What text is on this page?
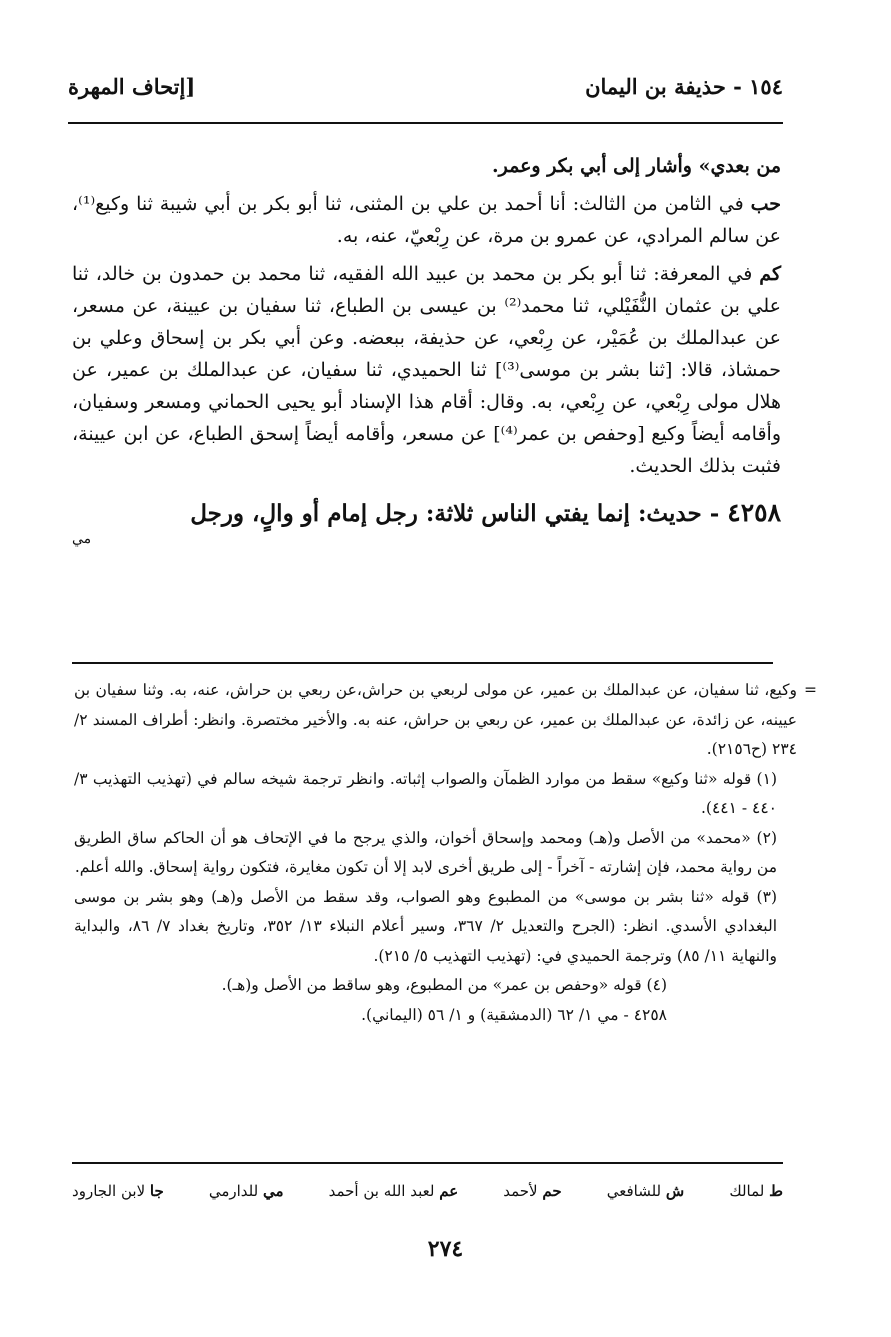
١٥٤ - حذيفة بن اليمان
[إتحاف المهرة

من بعدي» وأشار إلى أبي بكر وعمر.

حب في الثامن من الثالث: أنا أحمد بن علي بن المثنى، ثنا أبو بكر بن أبي شيبة ثنا وكيع⁽¹⁾، عن سالم المرادي، عن عمرو بن مرة، عن رِبْعيّ، عنه، به.

كم في المعرفة: ثنا أبو بكر بن محمد بن عبيد الله الفقيه، ثنا محمد بن حمدون بن خالد، ثنا علي بن عثمان النُّفَيْلي، ثنا محمد⁽²⁾ بن عيسى بن الطباع، ثنا سفيان بن عيينة، عن مسعر، عن عبدالملك بن عُمَيْر، عن رِبْعي، عن حذيفة، ببعضه. وعن أبي بكر بن إسحاق وعلي بن حمشاذ، قالا: [ثنا بشر بن موسى⁽³⁾] ثنا الحميدي، ثنا سفيان، عن عبدالملك بن عمير، عن هلال مولى رِبْعي، عن رِبْعي، به. وقال: أقام هذا الإسناد أبو يحيى الحماني ومسعر وسفيان، وأقامه أيضاً وكيع [وحفص بن عمر⁽⁴⁾] عن مسعر، وأقامه أيضاً إسحق الطباع، عن ابن عيينة، فثبت بذلك الحديث.

٤٢٥٨ - حديث: إنما يفتي الناس ثلاثة: رجل إمام أو والٍ، ورجل
مي

=
وكيع، ثنا سفيان، عن عبدالملك بن عمير، عن مولى لربعي بن حراش،عن ربعي بن حراش، عنه، به. وثنا سفيان بن عيينه، عن زائدة، عن عبدالملك بن عمير، عن ربعي بن حراش، عنه به. والأخير مختصرة. وانظر: أطراف المسند ٢/ ٢٣٤ (ح٢١٥٦).

(١) قوله «ثنا وكيع» سقط من موارد الظمآن والصواب إثباته. وانظر ترجمة شيخه سالم في (تهذيب التهذيب ٣/ ٤٤٠ - ٤٤١).

(٢) «محمد» من الأصل و(هـ) ومحمد وإسحاق أخوان، والذي يرجح ما في الإتحاف هو أن الحاكم ساق الطريق من رواية محمد، فإن إشارته - آخراً - إلى طريق أخرى لابد إلا أن تكون مغايرة، فتكون رواية إسحاق. والله أعلم.

(٣) قوله «ثنا بشر بن موسى» من المطبوع وهو الصواب، وقد سقط من الأصل و(هـ) وهو بشر بن موسى البغدادي الأسدي. انظر: (الجرح والتعديل ٢/ ٣٦٧، وسير أعلام النبلاء ١٣/ ٣٥٢، وتاريخ بغداد ٧/ ٨٦، والبداية والنهاية ١١/ ٨٥) وترجمة الحميدي في: (تهذيب التهذيب ٥/ ٢١٥).

(٤) قوله «وحفص بن عمر» من المطبوع، وهو ساقط من الأصل و(هـ).

٤٢٥٨ - مي ١/ ٦٢ (الدمشقية) و ١/ ٥٦ (اليماني).

ط لمالك
ش للشافعي
حم لأحمد
عم لعبد الله بن أحمد
مي للدارمي
جا لابن الجارود
٢٧٤
